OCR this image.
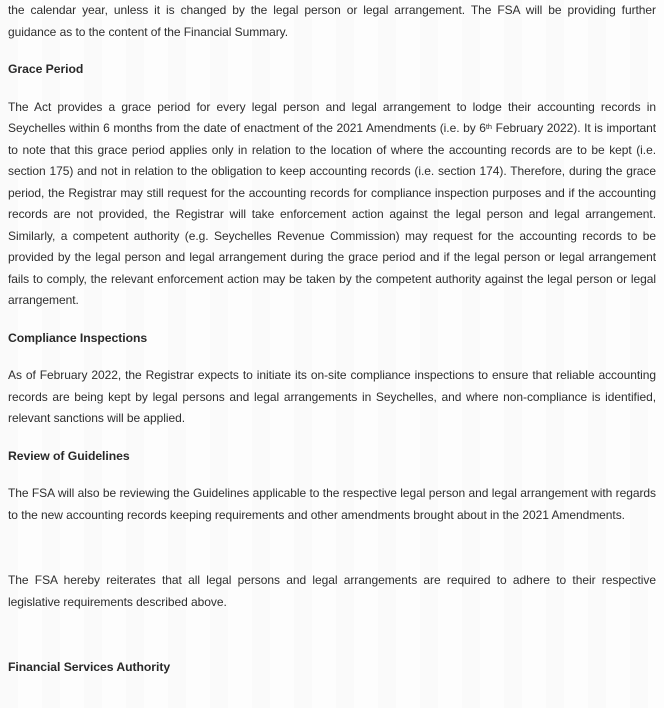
the calendar year, unless it is changed by the legal person or legal arrangement. The FSA will be providing further guidance as to the content of the Financial Summary.

Grace Period

The Act provides a grace period for every legal person and legal arrangement to lodge their accounting records in Seychelles within 6 months from the date of enactment of the 2021 Amendments (i.e. by 6th February 2022). It is important to note that this grace period applies only in relation to the location of where the accounting records are to be kept (i.e. section 175) and not in relation to the obligation to keep accounting records (i.e. section 174). Therefore, during the grace period, the Registrar may still request for the accounting records for compliance inspection purposes and if the accounting records are not provided, the Registrar will take enforcement action against the legal person and legal arrangement. Similarly, a competent authority (e.g. Seychelles Revenue Commission) may request for the accounting records to be provided by the legal person and legal arrangement during the grace period and if the legal person or legal arrangement fails to comply, the relevant enforcement action may be taken by the competent authority against the legal person or legal arrangement.

Compliance Inspections

As of February 2022, the Registrar expects to initiate its on-site compliance inspections to ensure that reliable accounting records are being kept by legal persons and legal arrangements in Seychelles, and where non-compliance is identified, relevant sanctions will be applied.

Review of Guidelines

The FSA will also be reviewing the Guidelines applicable to the respective legal person and legal arrangement with regards to the new accounting records keeping requirements and other amendments brought about in the 2021 Amendments.

The FSA hereby reiterates that all legal persons and legal arrangements are required to adhere to their respective legislative requirements described above.

Financial Services Authority
